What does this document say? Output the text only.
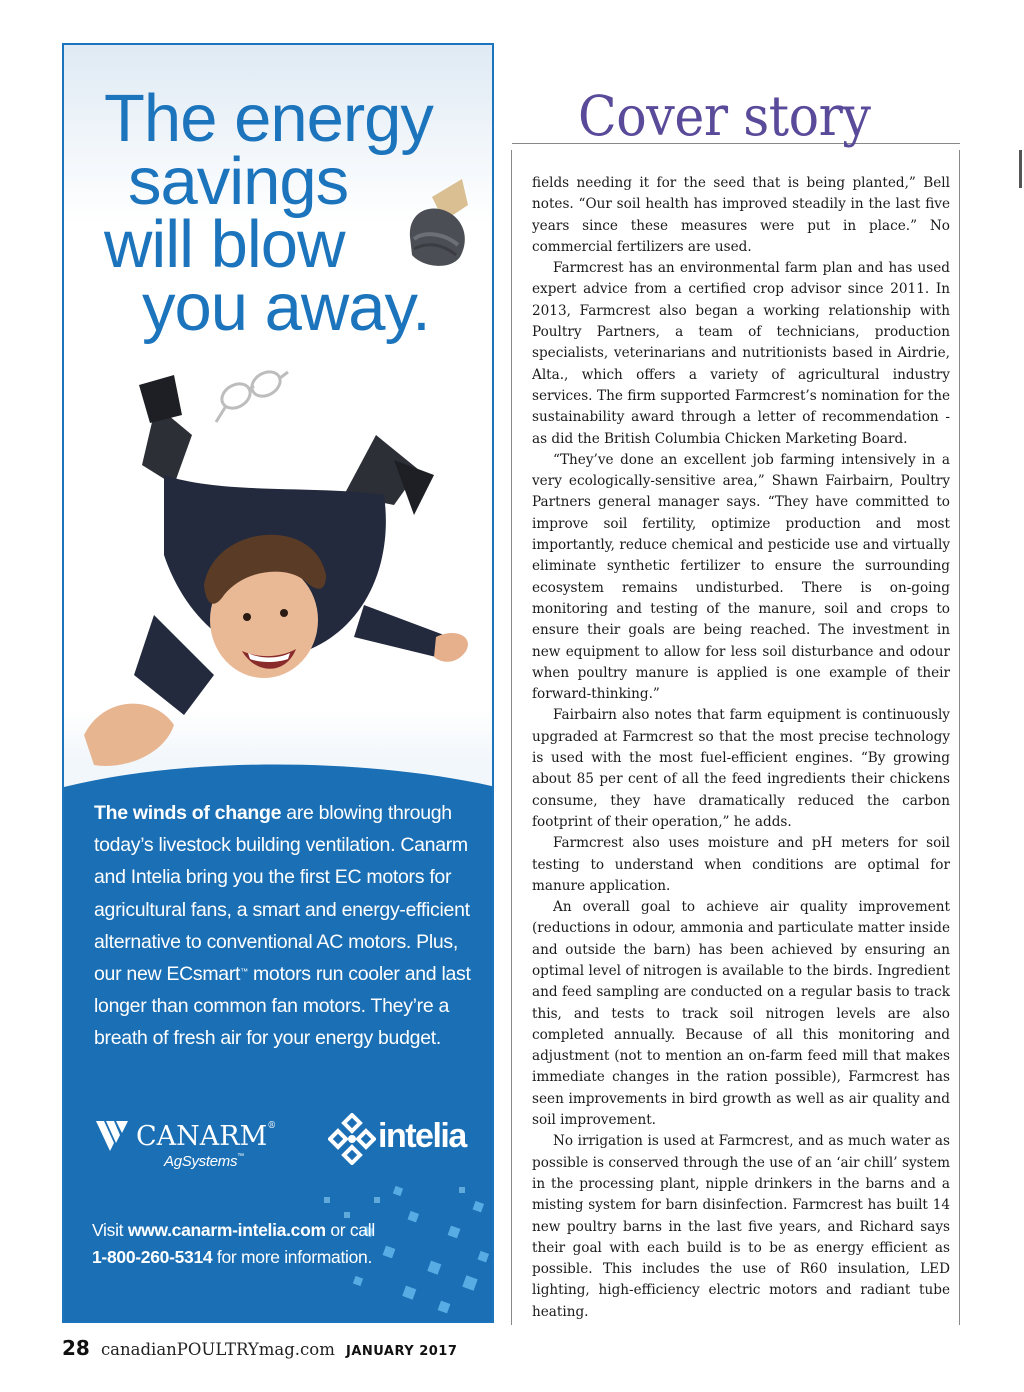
The energy
savings
will blow
you away.

The winds of change are blowing through today’s livestock building ventilation. Canarm and Intelia bring you the first EC motors for agricultural fans, a smart and energy-efficient alternative to conventional AC motors. Plus, our new ECsmart™ motors run cooler and last longer than common fan motors. They’re a breath of fresh air for your energy budget.

CANARM®
AgSystems™
intelia

Visit www.canarm-intelia.com or call
1-800-260-5314 for more information.

Cover story

fields needing it for the seed that is being planted,” Bell notes. “Our soil health has improved steadily in the last five years since these measures were put in place.” No commercial fertilizers are used.

Farmcrest has an environmental farm plan and has used expert advice from a certified crop advisor since 2011. In 2013, Farmcrest also began a working relationship with Poultry Partners, a team of technicians, production specialists, veterinarians and nutritionists based in Airdrie, Alta., which offers a variety of agricultural industry services. The firm supported Farmcrest’s nomination for the sustainability award through a letter of recommendation - as did the British Columbia Chicken Marketing Board.

“They’ve done an excellent job farming intensively in a very ecologically-sensitive area,” Shawn Fairbairn, Poultry Partners general manager says. “They have committed to improve soil fertility, optimize production and most importantly, reduce chemical and pesticide use and virtually eliminate synthetic fertilizer to ensure the surrounding ecosystem remains undisturbed. There is on-going monitoring and testing of the manure, soil and crops to ensure their goals are being reached. The investment in new equipment to allow for less soil disturbance and odour when poultry manure is applied is one example of their forward-thinking.”

Fairbairn also notes that farm equipment is continuously upgraded at Farmcrest so that the most precise technology is used with the most fuel-efficient engines. “By growing about 85 per cent of all the feed ingredients their chickens consume, they have dramatically reduced the carbon footprint of their operation,” he adds.

Farmcrest also uses moisture and pH meters for soil testing to understand when conditions are optimal for manure application.

An overall goal to achieve air quality improvement (reductions in odour, ammonia and particulate matter inside and outside the barn) has been achieved by ensuring an optimal level of nitrogen is available to the birds. Ingredient and feed sampling are conducted on a regular basis to track this, and tests to track soil nitrogen levels are also completed annually. Because of all this monitoring and adjustment (not to mention an on-farm feed mill that makes immediate changes in the ration possible), Farmcrest has seen improvements in bird growth as well as air quality and soil improvement.

No irrigation is used at Farmcrest, and as much water as possible is conserved through the use of an ‘air chill’ system in the processing plant, nipple drinkers in the barns and a misting system for barn disinfection. Farmcrest has built 14 new poultry barns in the last five years, and Richard says their goal with each build is to be as energy efficient as possible. This includes the use of R60 insulation, LED lighting, high-efficiency electric motors and radiant tube heating.

28 canadianPOULTRYmag.com JANUARY 2017
